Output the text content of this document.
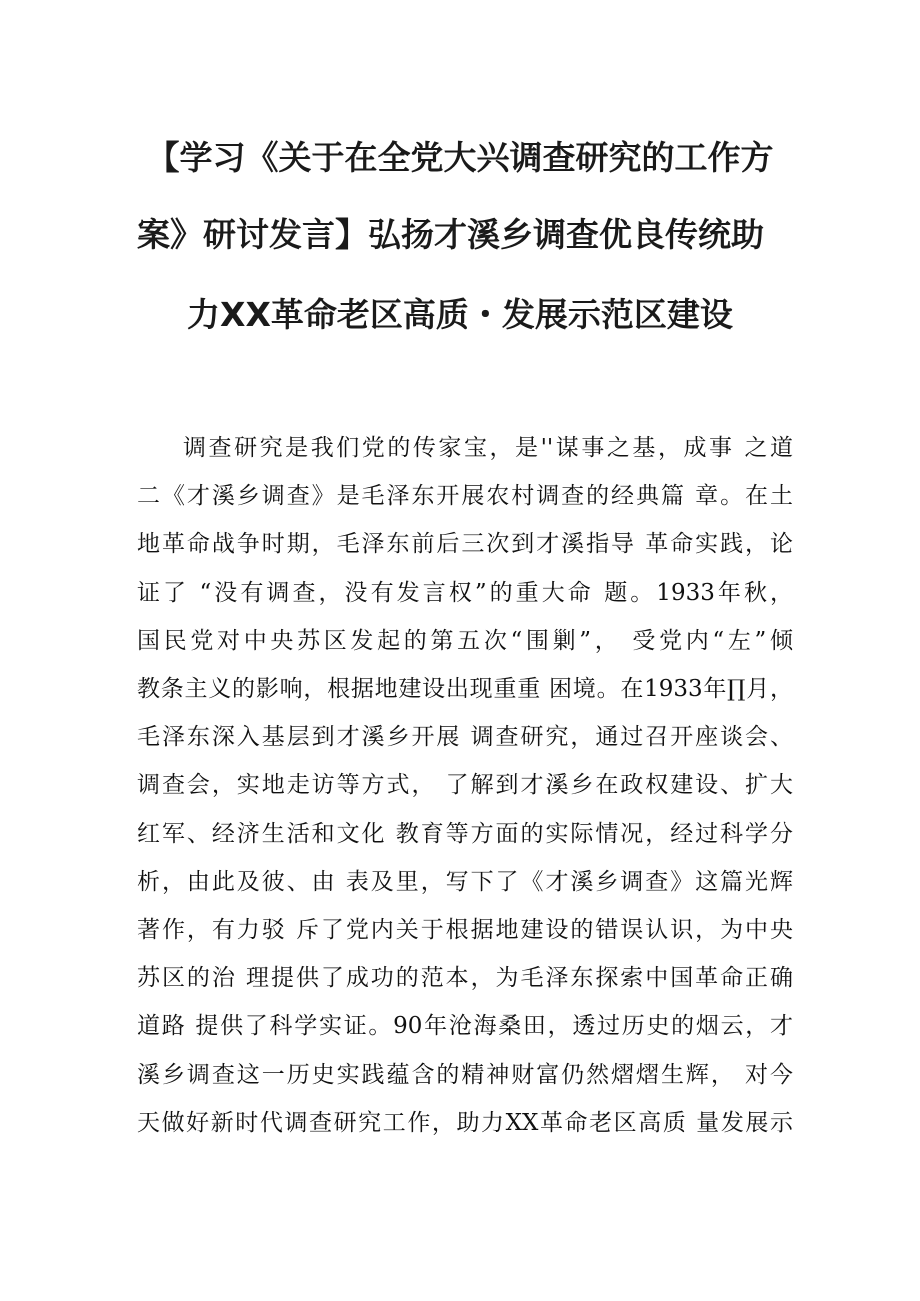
【学习《关于在全党大兴调查研究的工作方
案》研讨发言】弘扬才溪乡调查优良传统助
力XX革命老区高质・发展示范区建设
调查研究是我们党的传家宝，是''谋事之基，成事 之道
二《才溪乡调查》是毛泽东开展农村调查的经典篇 章。在土
地革命战争时期，毛泽东前后三次到才溪指导 革命实践，论
证了 “没有调查，没有发言权”的重大命 题。1933年秋，
国民党对中央苏区发起的第五次“围剿”， 受党内“左”倾
教条主义的影响，根据地建设出现重重 困境。在1933年∏月，
毛泽东深入基层到才溪乡开展 调查研究，通过召开座谈会、
调查会，实地走访等方式， 了解到才溪乡在政权建设、扩大
红军、经济生活和文化 教育等方面的实际情况，经过科学分
析，由此及彼、由 表及里，写下了《才溪乡调查》这篇光辉
著作，有力驳 斥了党内关于根据地建设的错误认识，为中央
苏区的治 理提供了成功的范本，为毛泽东探索中国革命正确
道路 提供了科学实证。90年沧海桑田，透过历史的烟云，才
溪乡调查这一历史实践蕴含的精神财富仍然熠熠生辉， 对今
天做好新时代调查研究工作，助力XX革命老区高质 量发展示
